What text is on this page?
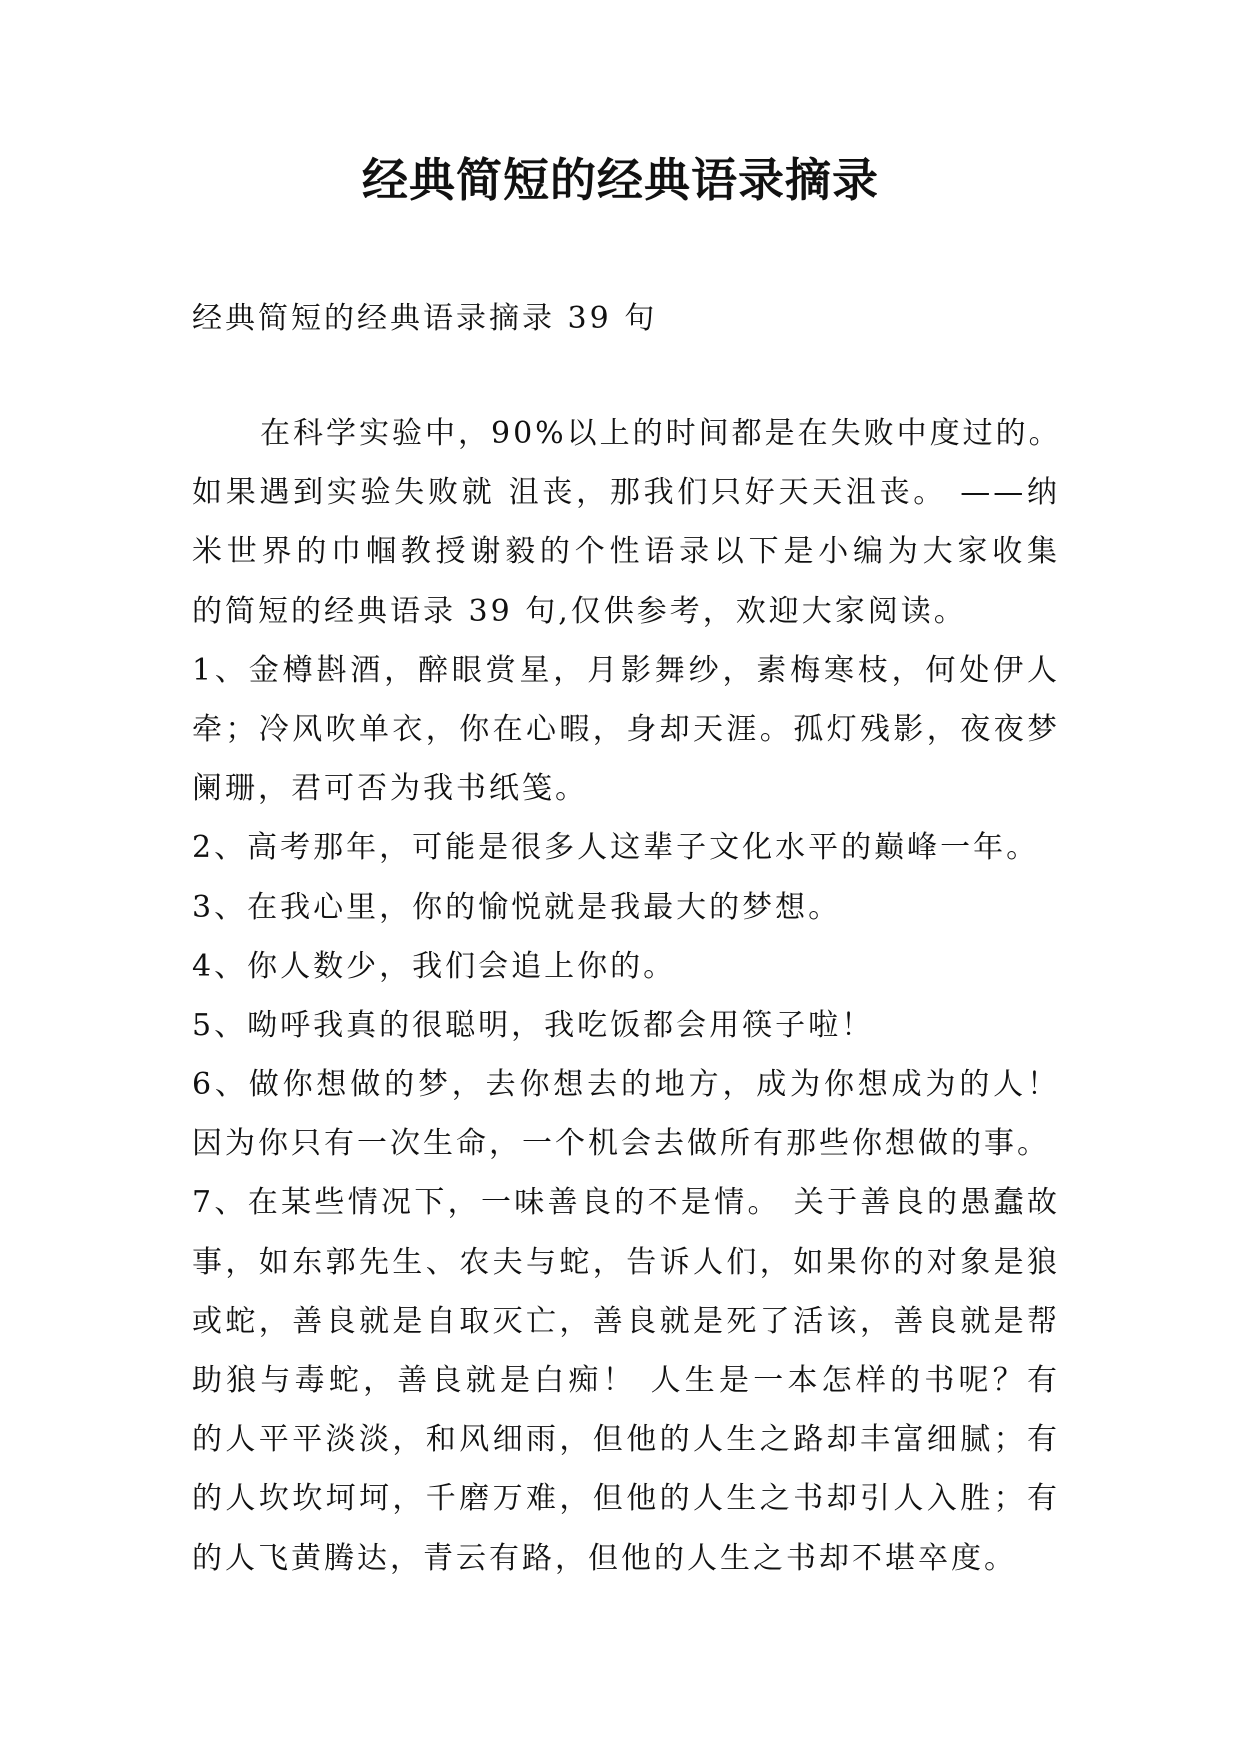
经典简短的经典语录摘录
经典简短的经典语录摘录 39 句
在科学实验中，90%以上的时间都是在失败中度过的。
如果遇到实验失败就 沮丧，那我们只好天天沮丧。 ——纳
米世界的巾帼教授谢毅的个性语录以下是小编为大家收集
的简短的经典语录 39 句,仅供参考，欢迎大家阅读。
1、金樽斟酒，醉眼赏星，月影舞纱，素梅寒枝，何处伊人
牵；冷风吹单衣，你在心暇，身却天涯。孤灯残影，夜夜梦
阑珊，君可否为我书纸笺。
2、高考那年，可能是很多人这辈子文化水平的巅峰一年。
3、在我心里，你的愉悦就是我最大的梦想。
4、你人数少，我们会追上你的。
5、呦呼我真的很聪明，我吃饭都会用筷子啦！
6、做你想做的梦，去你想去的地方，成为你想成为的人！
因为你只有一次生命，一个机会去做所有那些你想做的事。
7、在某些情况下，一味善良的不是情。 关于善良的愚蠢故
事，如东郭先生、农夫与蛇，告诉人们，如果你的对象是狼
或蛇，善良就是自取灭亡，善良就是死了活该，善良就是帮
助狼与毒蛇，善良就是白痴！ 人生是一本怎样的书呢？有
的人平平淡淡，和风细雨，但他的人生之路却丰富细腻；有
的人坎坎坷坷，千磨万难，但他的人生之书却引人入胜；有
的人飞黄腾达，青云有路，但他的人生之书却不堪卒度。
